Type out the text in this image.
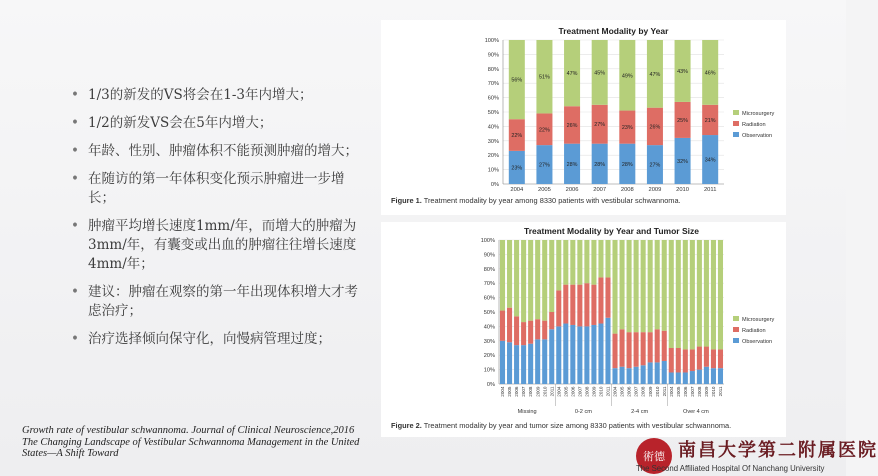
• 1/3的新发的VS将会在1-3年内增大；
• 1/2的新发VS会在5年内增大；
• 年龄、性别、肿瘤体积不能预测肿瘤的增大；
• 在随访的第一年体积变化预示肿瘤进一步增长；
• 肿瘤平均增长速度1mm/年，而增大的肿瘤为3mm/年，有囊变或出血的肿瘤往往增长速度4mm/年；
• 建议：肿瘤在观察的第一年出现体积增大才考虑治疗；
• 治疗选择倾向保守化，向慢病管理过度；
Treatment Modality by Year
0%
10%
20%
30%
40%
50%
60%
70%
80%
90%
100%
Microsurgery
Radiation
Observation
23%
22%
56%
2004
27%
22%
51%
2005
28%
26%
47%
2006
28%
27%
45%
2007
28%
23%
49%
2008
27%
26%
47%
2009
32%
25%
43%
2010
34%
21%
46%
2011
Figure 1. Treatment modality by year among 8330 patients with vestibular schwannoma.
Treatment Modality by Year and Tumor Size
0%
10%
20%
30%
40%
50%
60%
70%
80%
90%
100%
Microsurgery
Radiation
Observation
2004 2005 2006 2007 2008 2009 2010 2011
Missing
2004 2005 2006 2007 2008 2009 2010 2011
0-2 cm
2004 2005 2006 2007 2008 2009 2010 2011
2-4 cm
2004 2005 2006 2007 2008 2009 2010 2011
Over 4 cm
Figure 2. Treatment modality by year and tumor size among 8330 patients with vestibular schwannoma.
Growth rate of vestibular schwannoma. Journal of Clinical Neuroscience,2016 The Changing Landscape of Vestibular Schwannoma Management in the United States—A Shift Toward	術德 南昌大学第二附属医院
The Second Affiliated Hospital Of Nanchang University
